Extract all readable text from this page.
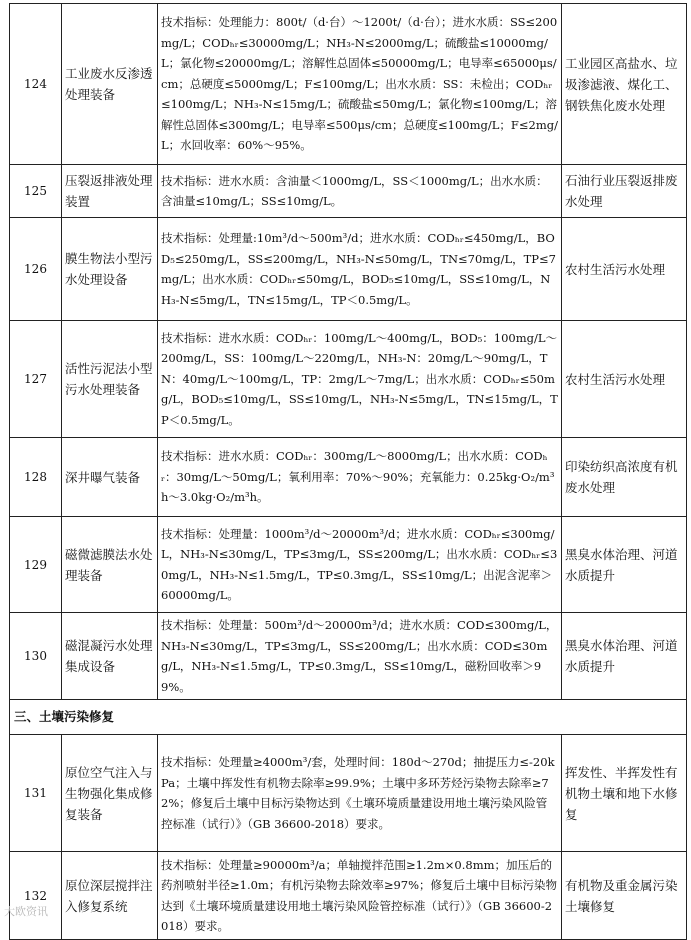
124	工业废水反渗透处理装备	技术指标：处理能力：800t/（d·台）～1200t/（d·台）；进水水质：SS≤200mg/L；CODₕᵣ≤30000mg/L；NH₃-N≤2000mg/L；硫酸盐≤10000mg/L；氯化物≤20000mg/L；溶解性总固体≤50000mg/L；电导率≤65000μs/cm；总硬度≤5000mg/L；F≤100mg/L；出水水质：SS：未检出；CODₕᵣ≤100mg/L；NH₃-N≤15mg/L；硫酸盐≤50mg/L；氯化物≤100mg/L；溶解性总固体≤300mg/L；电导率≤500μs/cm；总硬度≤100mg/L；F≤2mg/L；水回收率：60%～95%。	工业园区高盐水、垃圾渗滤液、煤化工、钢铁焦化废水处理
125	压裂返排液处理装置	技术指标：进水水质：含油量＜1000mg/L，SS＜1000mg/L；出水水质：含油量≤10mg/L；SS≤10mg/L。	石油行业压裂返排废水处理
126	膜生物法小型污水处理设备	技术指标：处理量:10m³/d～500m³/d；进水水质：CODₕᵣ≤450mg/L，BOD₅≤250mg/L，SS≤200mg/L，NH₃-N≤50mg/L，TN≤70mg/L，TP≤7mg/L；出水水质：CODₕᵣ≤50mg/L，BOD₅≤10mg/L，SS≤10mg/L，NH₃-N≤5mg/L，TN≤15mg/L，TP＜0.5mg/L。	农村生活污水处理
127	活性污泥法小型污水处理装备	技术指标：进水水质：CODₕᵣ：100mg/L～400mg/L，BOD₅：100mg/L～200mg/L，SS：100mg/L～220mg/L，NH₃-N：20mg/L～90mg/L，TN：40mg/L～100mg/L，TP：2mg/L～7mg/L；出水水质：CODₕᵣ≤50mg/L，BOD₅≤10mg/L，SS≤10mg/L，NH₃-N≤5mg/L，TN≤15mg/L，TP＜0.5mg/L。	农村生活污水处理
128	深井曝气装备	技术指标：进水水质：CODₕᵣ：300mg/L～8000mg/L；出水水质：CODₕᵣ：30mg/L～50mg/L；氧利用率：70%～90%；充氧能力：0.25kg·O₂/m³h～3.0kg·O₂/m³h。	印染纺织高浓度有机废水处理
129	磁微滤膜法水处理装备	技术指标：处理量：1000m³/d～20000m³/d；进水水质：CODₕᵣ≤300mg/L，NH₃-N≤30mg/L，TP≤3mg/L，SS≤200mg/L；出水水质：CODₕᵣ≤30mg/L，NH₃-N≤1.5mg/L，TP≤0.3mg/L，SS≤10mg/L；出泥含泥率＞60000mg/L。	黑臭水体治理、河道水质提升
130	磁混凝污水处理集成设备	技术指标：处理量：500m³/d～20000m³/d；进水水质：COD≤300mg/L，NH₃-N≤30mg/L，TP≤3mg/L，SS≤200mg/L；出水水质：COD≤30mg/L，NH₃-N≤1.5mg/L，TP≤0.3mg/L，SS≤10mg/L，磁粉回收率＞99%。	黑臭水体治理、河道水质提升
三、土壤污染修复			
131	原位空气注入与生物强化集成修复装备	技术指标：处理量≥4000m³/套，处理时间：180d～270d；抽提压力≤-20kPa；土壤中挥发性有机物去除率≥99.9%；土壤中多环芳烃污染物去除率≥72%；修复后土壤中目标污染物达到《土壤环境质量建设用地土壤污染风险管控标准（试行）》（GB 36600-2018）要求。	挥发性、半挥发性有机物土壤和地下水修复
132	原位深层搅拌注入修复系统	技术指标：处理量≥90000m³/a；单轴搅拌范围≥1.2m×0.8mm；加压后的药剂喷射半径≥1.0m；有机污染物去除效率≥97%；修复后土壤中目标污染物达到《土壤环境质量建设用地土壤污染风险管控标准（试行）》（GB 36600-2018）要求。	有机物及重金属污染土壤修复
大欧资讯
